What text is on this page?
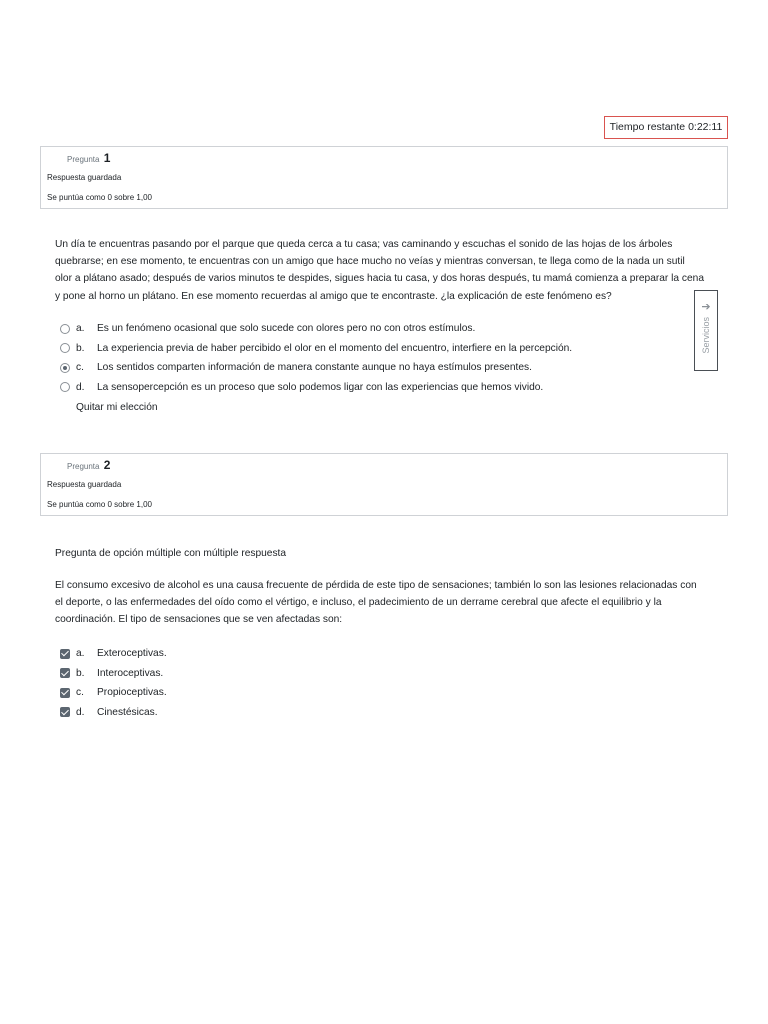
Tiempo restante 0:22:11
Pregunta 1
Respuesta guardada
Se puntúa como 0 sobre 1,00
Un día te encuentras pasando por el parque que queda cerca a tu casa; vas caminando y escuchas el sonido de las hojas de los árboles
quebrarse; en ese momento, te encuentras con un amigo que hace mucho no veías y mientras conversan, te llega como de la nada un sutil
olor a plátano asado; después de varios minutos te despides, sigues hacia tu casa, y dos horas después, tu mamá comienza a preparar la cena
y pone al horno un plátano. En ese momento recuerdas al amigo que te encontraste. ¿la explicación de este fenómeno es?
a.	Es un fenómeno ocasional que solo sucede con olores pero no con otros estímulos.
b.	La experiencia previa de haber percibido el olor en el momento del encuentro, interfiere en la percepción.
c.	Los sentidos comparten información de manera constante aunque no haya estímulos presentes.
d.	La sensopercepción es un proceso que solo podemos ligar con las experiencias que hemos vivido.
Quitar mi elección
➔
Servicios
Pregunta 2
Respuesta guardada
Se puntúa como 0 sobre 1,00
Pregunta de opción múltiple con múltiple respuesta
El consumo excesivo de alcohol es una causa frecuente de pérdida de este tipo de sensaciones; también lo son las lesiones relacionadas con
el deporte, o las enfermedades del oído como el vértigo, e incluso, el padecimiento de un derrame cerebral que afecte el equilibrio y la
coordinación. El tipo de sensaciones que se ven afectadas son:
a.	Exteroceptivas.
b.	Interoceptivas.
c.	Propioceptivas.
d.	Cinestésicas.
